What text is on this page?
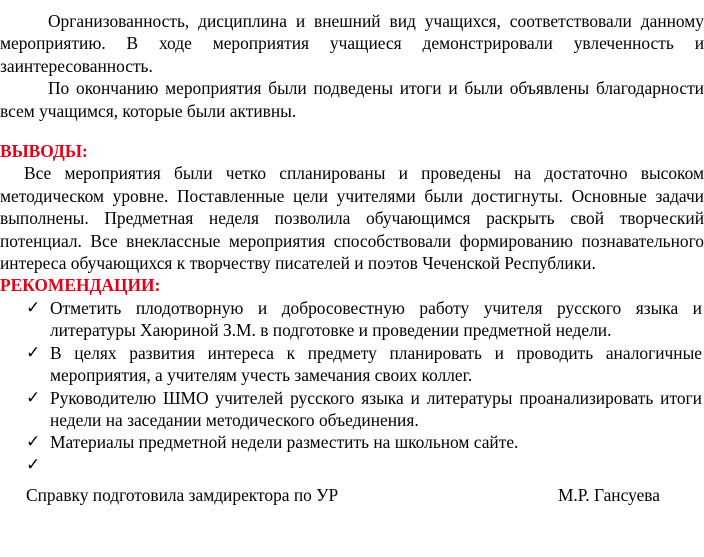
Организованность, дисциплина и внешний вид учащихся, соответствовали данному мероприятию. В ходе мероприятия учащиеся демонстрировали увлеченность и заинтересованность.

По окончанию мероприятия были подведены итоги и были объявлены благодарности всем учащимся, которые были активны.

ВЫВОДЫ:

Все мероприятия были четко спланированы и проведены на достаточно высоком методическом уровне. Поставленные цели учителями были достигнуты. Основные задачи выполнены. Предметная неделя позволила обучающимся раскрыть свой творческий потенциал. Все внеклассные мероприятия способствовали формированию познавательного интереса обучающихся к творчеству писателей и поэтов Чеченской Республики.

РЕКОМЕНДАЦИИ:
✓ Отметить плодотворную и добросовестную работу учителя русского языка и литературы Хаюриной З.М. в подготовке и проведении предметной недели.
✓ В целях развития интереса к предмету планировать и проводить аналогичные мероприятия, а учителям учесть замечания своих коллег.
✓ Руководителю ШМО учителей русского языка и литературы проанализировать итоги недели на заседании методического объединения.
✓ Материалы предметной недели разместить на школьном сайте.
✓

Справку подготовила замдиректора по УР	М.Р. Гансуева
